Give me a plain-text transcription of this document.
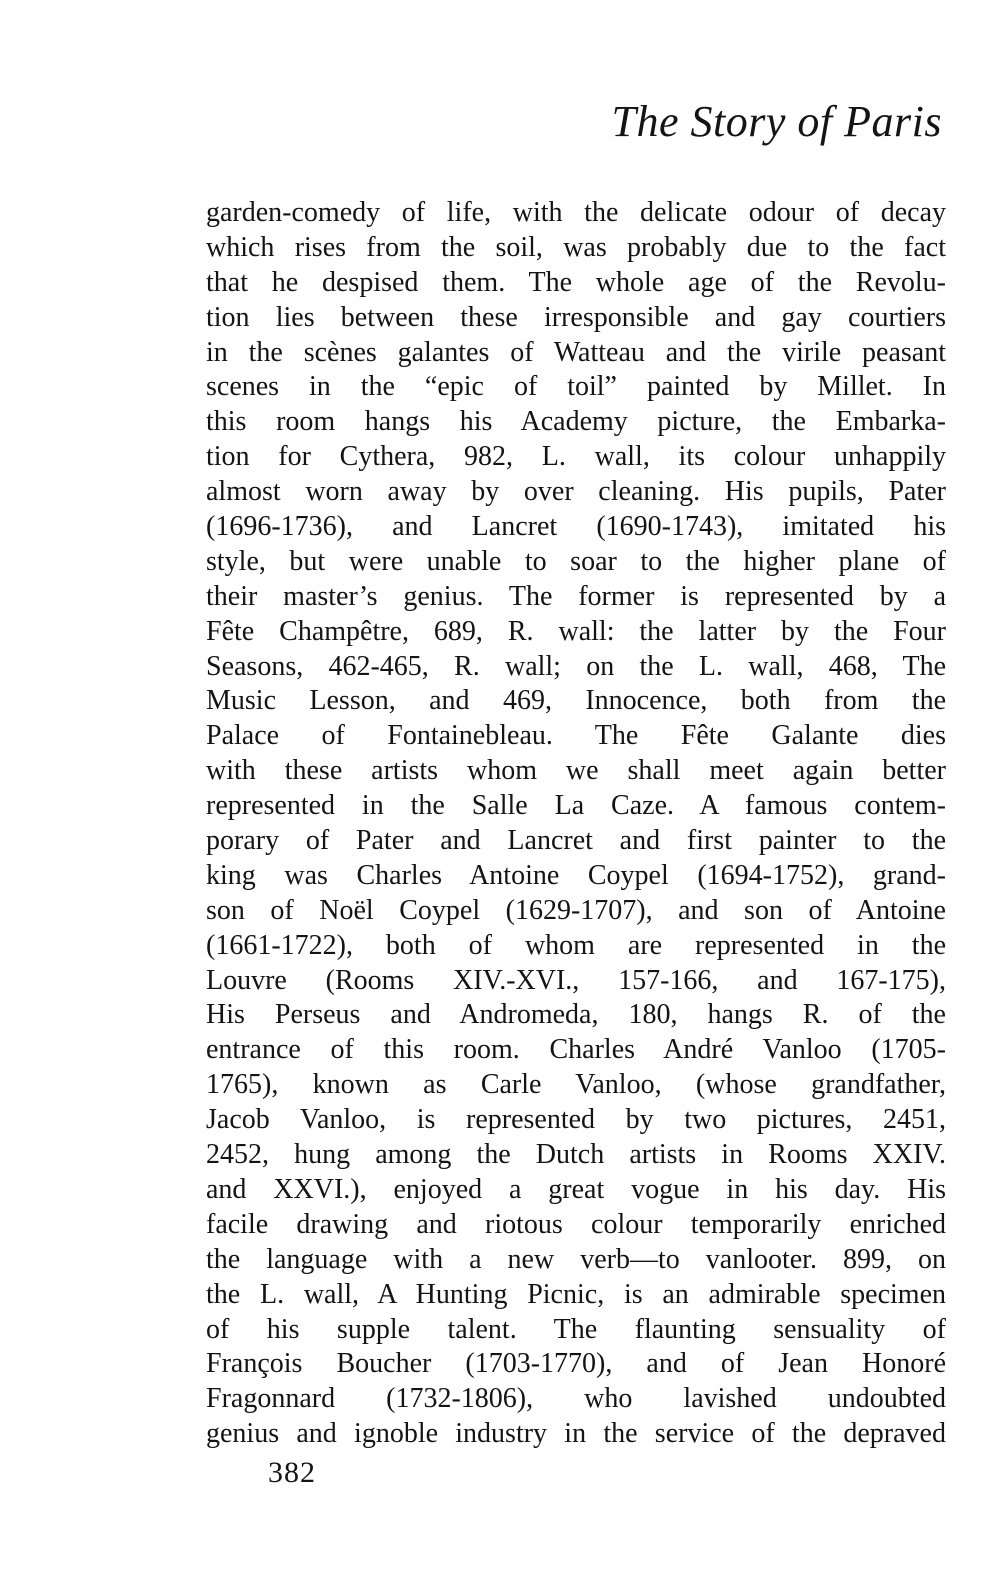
The Story of Paris
garden-comedy of life, with the delicate odour of decay
which rises from the soil, was probably due to the fact
that he despised them. The whole age of the Revolu-
tion lies between these irresponsible and gay courtiers
in the scènes galantes of Watteau and the virile peasant
scenes in the “epic of toil” painted by Millet. In
this room hangs his Academy picture, the Embarka-
tion for Cythera, 982, L. wall, its colour unhappily
almost worn away by over cleaning. His pupils, Pater
(1696-1736), and Lancret (1690-1743), imitated his
style, but were unable to soar to the higher plane of
their master’s genius. The former is represented by a
Fête Champêtre, 689, R. wall: the latter by the Four
Seasons, 462-465, R. wall; on the L. wall, 468, The
Music Lesson, and 469, Innocence, both from the
Palace of Fontainebleau. The Fête Galante dies
with these artists whom we shall meet again better
represented in the Salle La Caze. A famous contem-
porary of Pater and Lancret and first painter to the
king was Charles Antoine Coypel (1694-1752), grand-
son of Noël Coypel (1629-1707), and son of Antoine
(1661-1722), both of whom are represented in the
Louvre (Rooms XIV.-XVI., 157-166, and 167-175),
His Perseus and Andromeda, 180, hangs R. of the
entrance of this room. Charles André Vanloo (1705-
1765), known as Carle Vanloo, (whose grandfather,
Jacob Vanloo, is represented by two pictures, 2451,
2452, hung among the Dutch artists in Rooms XXIV.
and XXVI.), enjoyed a great vogue in his day. His
facile drawing and riotous colour temporarily enriched
the language with a new verb—to vanlooter. 899, on
the L. wall, A Hunting Picnic, is an admirable specimen
of his supple talent. The flaunting sensuality of
François Boucher (1703-1770), and of Jean Honoré
Fragonnard (1732-1806), who lavished undoubted
genius and ignoble industry in the service of the depraved
382
